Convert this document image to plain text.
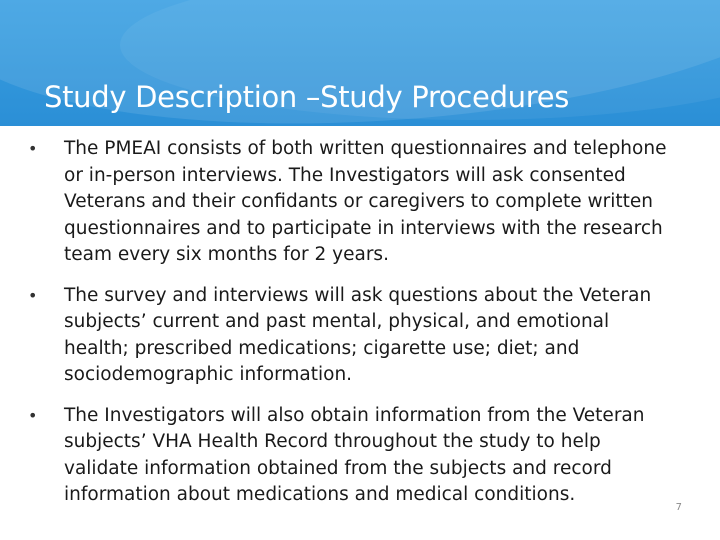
Study Description –Study Procedures
• The PMEAI consists of both written questionnaires and telephone or in-person interviews. The Investigators will ask consented Veterans and their confidants or caregivers to complete written questionnaires and to participate in interviews with the research team every six months for 2 years.
• The survey and interviews will ask questions about the Veteran subjects’ current and past mental, physical, and emotional health; prescribed medications; cigarette use; diet; and sociodemographic information.
• The Investigators will also obtain information from the Veteran subjects’ VHA Health Record throughout the study to help validate information obtained from the subjects and record information about medications and medical conditions.
7
